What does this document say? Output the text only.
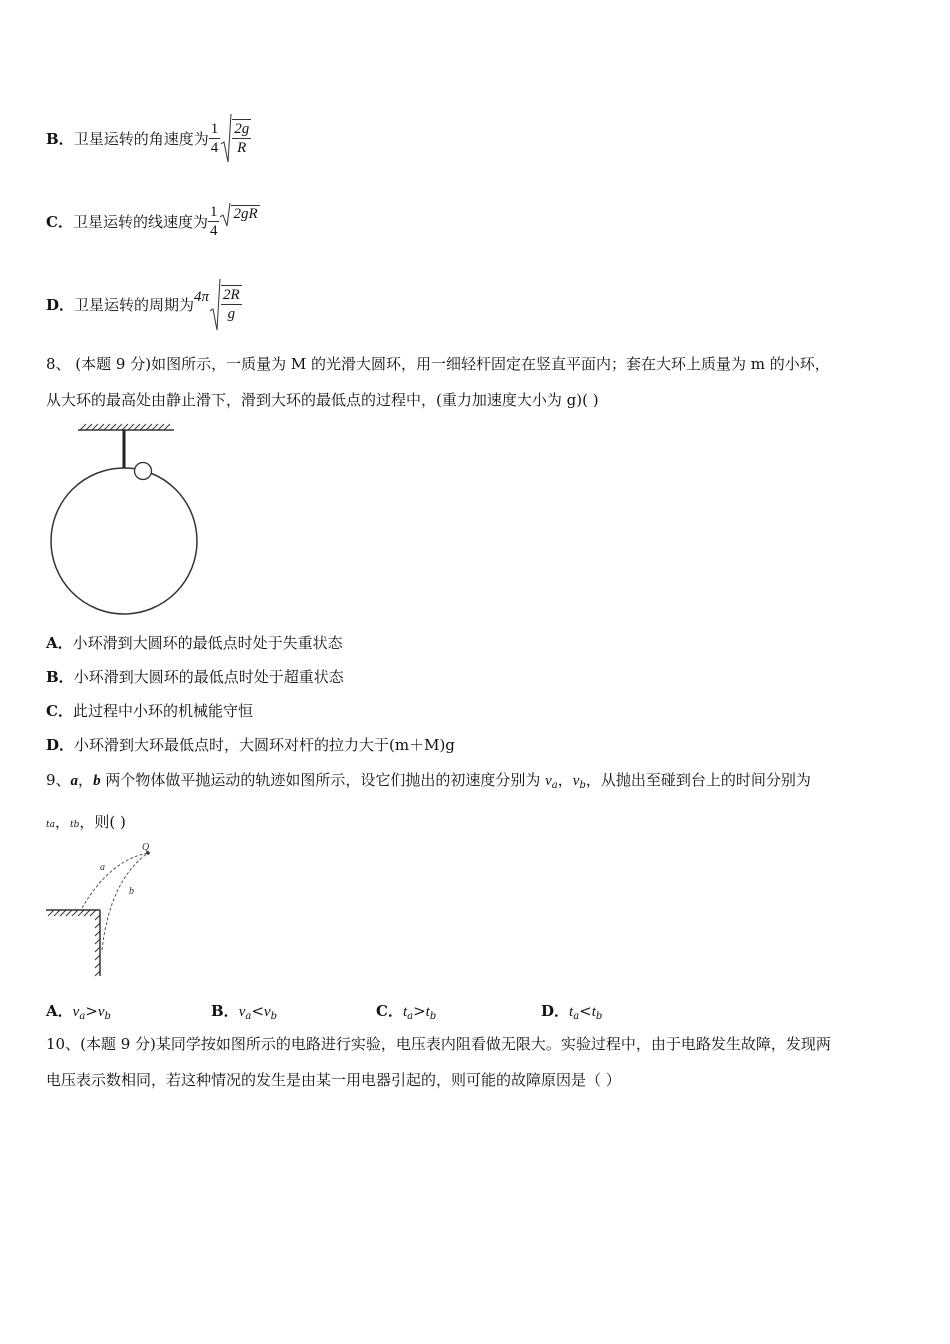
B． 卫星运转的角速度为 $\frac{1}{4} \frac{2g}{R}$
C． 卫星运转的线速度为 $\frac{1}{4} 2gR$
D． 卫星运转的周期为 $4\pi \frac{2R}{g}$
8、 (本题 9 分)如图所示，一质量为 M 的光滑大圆环，用一细轻杆固定在竖直平面内；套在大环上质量为 m 的小环，
从大环的最高处由静止滑下，滑到大环的最低点的过程中，(重力加速度大小为 g)( )
A．小环滑到大圆环的最低点时处于失重状态
B．小环滑到大圆环的最低点时处于超重状态
C．此过程中小环的机械能守恒
D．小环滑到大环最低点时，大圆环对杆的拉力大于(m＋M)g
9、a，b 两个物体做平抛运动的轨迹如图所示，设它们抛出的初速度分别为 $v_a$，$v_b$，从抛出至碰到台上的时间分别为
ta，tb，则( )
Q
a
b
A．$v_a>v_b$	B．$v_a<v_b$	C．$t_a>t_b$	D．$t_a<t_b$
10、(本题 9 分)某同学按如图所示的电路进行实验，电压表内阻看做无限大。实验过程中，由于电路发生故障，发现两
电压表示数相同，若这种情况的发生是由某一用电器引起的，则可能的故障原因是（ ）
